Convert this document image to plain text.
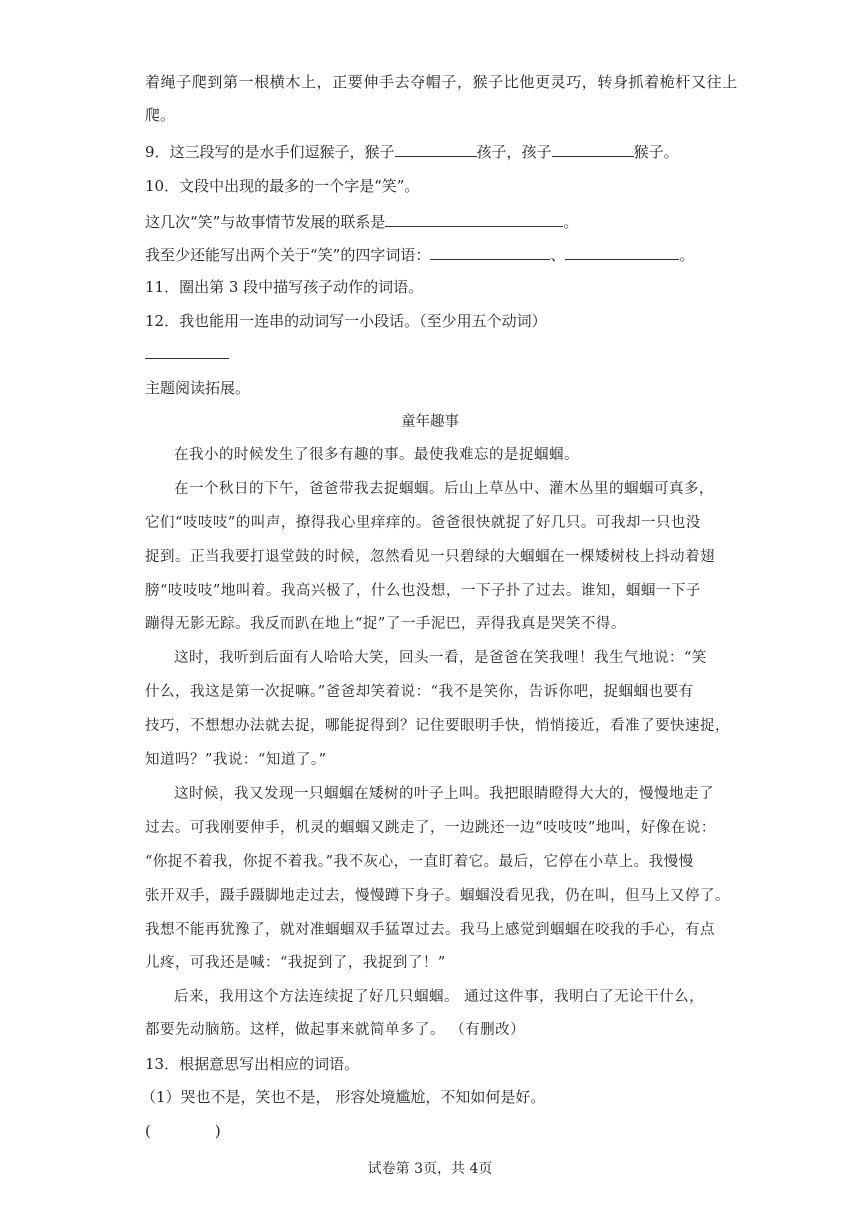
着绳子爬到第一根横木上，正要伸手去夺帽子，猴子比他更灵巧，转身抓着桅杆又往上
爬。
9．这三段写的是水手们逗猴子，猴子	孩子，孩子	猴子。
10．文段中出现的最多的一个字是“笑”。
这几次“笑”与故事情节发展的联系是	。
我至少还能写出两个关于“笑”的四字词语：	、	。
11．圈出第 3 段中描写孩子动作的词语。
12．我也能用一连串的动词写一小段话。（至少用五个动词）
主题阅读拓展。
童年趣事
在我小的时候发生了很多有趣的事。最使我难忘的是捉蝈蝈。
在一个秋日的下午，爸爸带我去捉蝈蝈。后山上草丛中、灌木丛里的蝈蝈可真多，
它们“吱吱吱”的叫声，撩得我心里痒痒的。爸爸很快就捉了好几只。可我却一只也没
捉到。正当我要打退堂鼓的时候，忽然看见一只碧绿的大蝈蝈在一棵矮树枝上抖动着翅
膀“吱吱吱”地叫着。我高兴极了，什么也没想，一下子扑了过去。谁知，蝈蝈一下子
蹦得无影无踪。我反而趴在地上“捉”了一手泥巴，弄得我真是哭笑不得。
这时，我听到后面有人哈哈大笑，回头一看，是爸爸在笑我哩！我生气地说：“笑
什么，我这是第一次捉嘛。”爸爸却笑着说：“我不是笑你，告诉你吧，捉蝈蝈也要有
技巧，不想想办法就去捉，哪能捉得到？记住要眼明手快，悄悄接近，看准了要快速捉，
知道吗？”我说：“知道了。”
这时候，我又发现一只蝈蝈在矮树的叶子上叫。我把眼睛瞪得大大的，慢慢地走了
过去。可我刚要伸手，机灵的蝈蝈又跳走了，一边跳还一边“吱吱吱”地叫，好像在说：
“你捉不着我，你捉不着我。”我不灰心，一直盯着它。最后，它停在小草上。我慢慢
张开双手，蹑手蹑脚地走过去，慢慢蹲下身子。蝈蝈没看见我，仍在叫，但马上又停了。
我想不能再犹豫了，就对准蝈蝈双手猛罩过去。我马上感觉到蝈蝈在咬我的手心，有点
儿疼，可我还是喊：“我捉到了，我捉到了！”
后来，我用这个方法连续捉了好几只蝈蝈。 通过这件事，我明白了无论干什么，
都要先动脑筋。这样，做起事来就简单多了。 （有删改）
13．根据意思写出相应的词语。
（1）哭也不是，笑也不是， 形容处境尴尬，不知如何是好。
(	)
试卷第 3页，共 4页
